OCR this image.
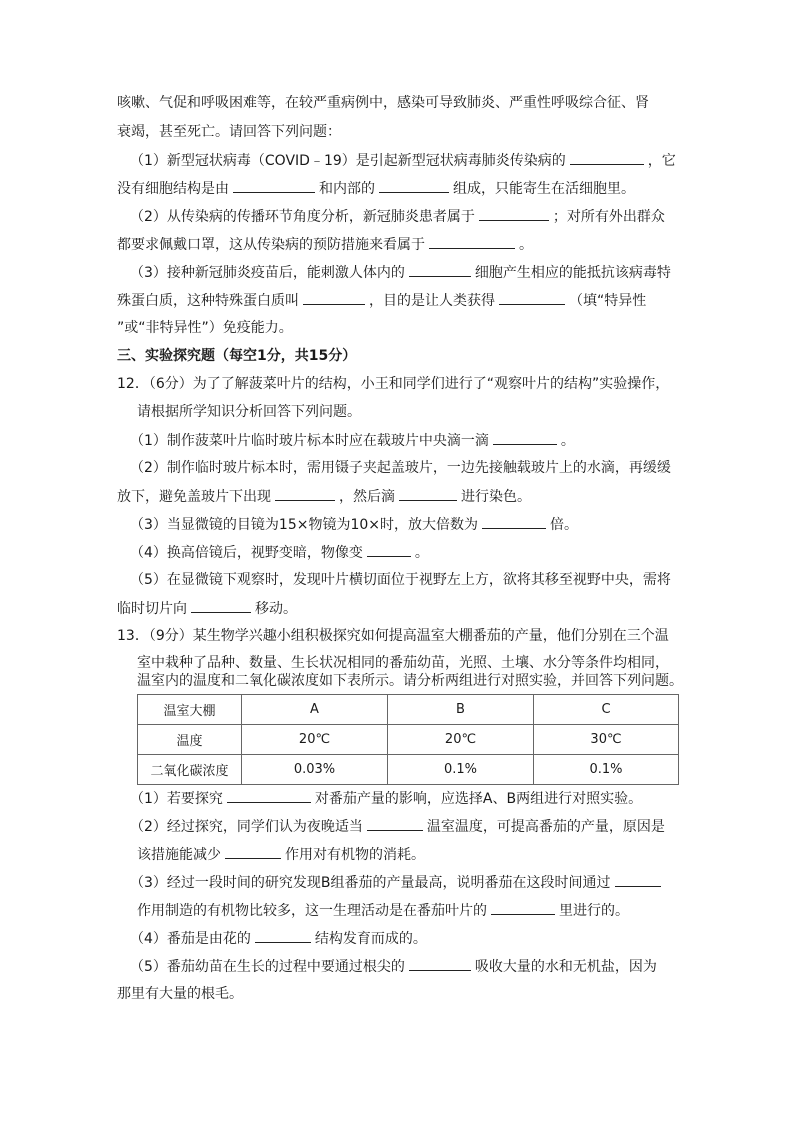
咳嗽、气促和呼吸困难等，在较严重病例中，感染可导致肺炎、严重性呼吸综合征、肾
衰竭，甚至死亡。请回答下列问题：
（1）新型冠状病毒（COVID﹣19）是引起新型冠状病毒肺炎传染病的	，它
没有细胞结构是由	和内部的	组成，只能寄生在活细胞里。
（2）从传染病的传播环节角度分析，新冠肺炎患者属于	；对所有外出群众
都要求佩戴口罩，这从传染病的预防措施来看属于	。
（3）接种新冠肺炎疫苗后，能刺激人体内的	细胞产生相应的能抵抗该病毒特
殊蛋白质，这种特殊蛋白质叫	，目的是让人类获得	（填“特异性
”或“非特异性”）免疫能力。
三、实验探究题（每空1分，共15分）
12．（6分）为了了解菠菜叶片的结构，小王和同学们进行了“观察叶片的结构”实验操作，
请根据所学知识分析回答下列问题。
（1）制作菠菜叶片临时玻片标本时应在载玻片中央滴一滴	。
（2）制作临时玻片标本时，需用镊子夹起盖玻片，一边先接触载玻片上的水滴，再缓缓
放下，避免盖玻片下出现	，然后滴	进行染色。
（3）当显微镜的目镜为15×物镜为10×时，放大倍数为	倍。
（4）换高倍镜后，视野变暗，物像变	。
（5）在显微镜下观察时，发现叶片横切面位于视野左上方，欲将其移至视野中央，需将
临时切片向	移动。
13．（9分）某生物学兴趣小组积极探究如何提高温室大棚番茄的产量，他们分别在三个温
室中栽种了品种、数量、生长状况相同的番茄幼苗，光照、土壤、水分等条件均相同，
温室内的温度和二氧化碳浓度如下表所示。请分析两组进行对照实验，并回答下列问题。
温室大棚	A	B	C
温度	20℃	20℃	30℃
二氧化碳浓度	0.03%	0.1%	0.1%
（1）若要探究	对番茄产量的影响，应选择A、B两组进行对照实验。
（2）经过探究，同学们认为夜晚适当	温室温度，可提高番茄的产量，原因是
该措施能减少	作用对有机物的消耗。
（3）经过一段时间的研究发现B组番茄的产量最高，说明番茄在这段时间通过
作用制造的有机物比较多，这一生理活动是在番茄叶片的	里进行的。
（4）番茄是由花的	结构发育而成的。
（5）番茄幼苗在生长的过程中要通过根尖的	吸收大量的水和无机盐，因为
那里有大量的根毛。
